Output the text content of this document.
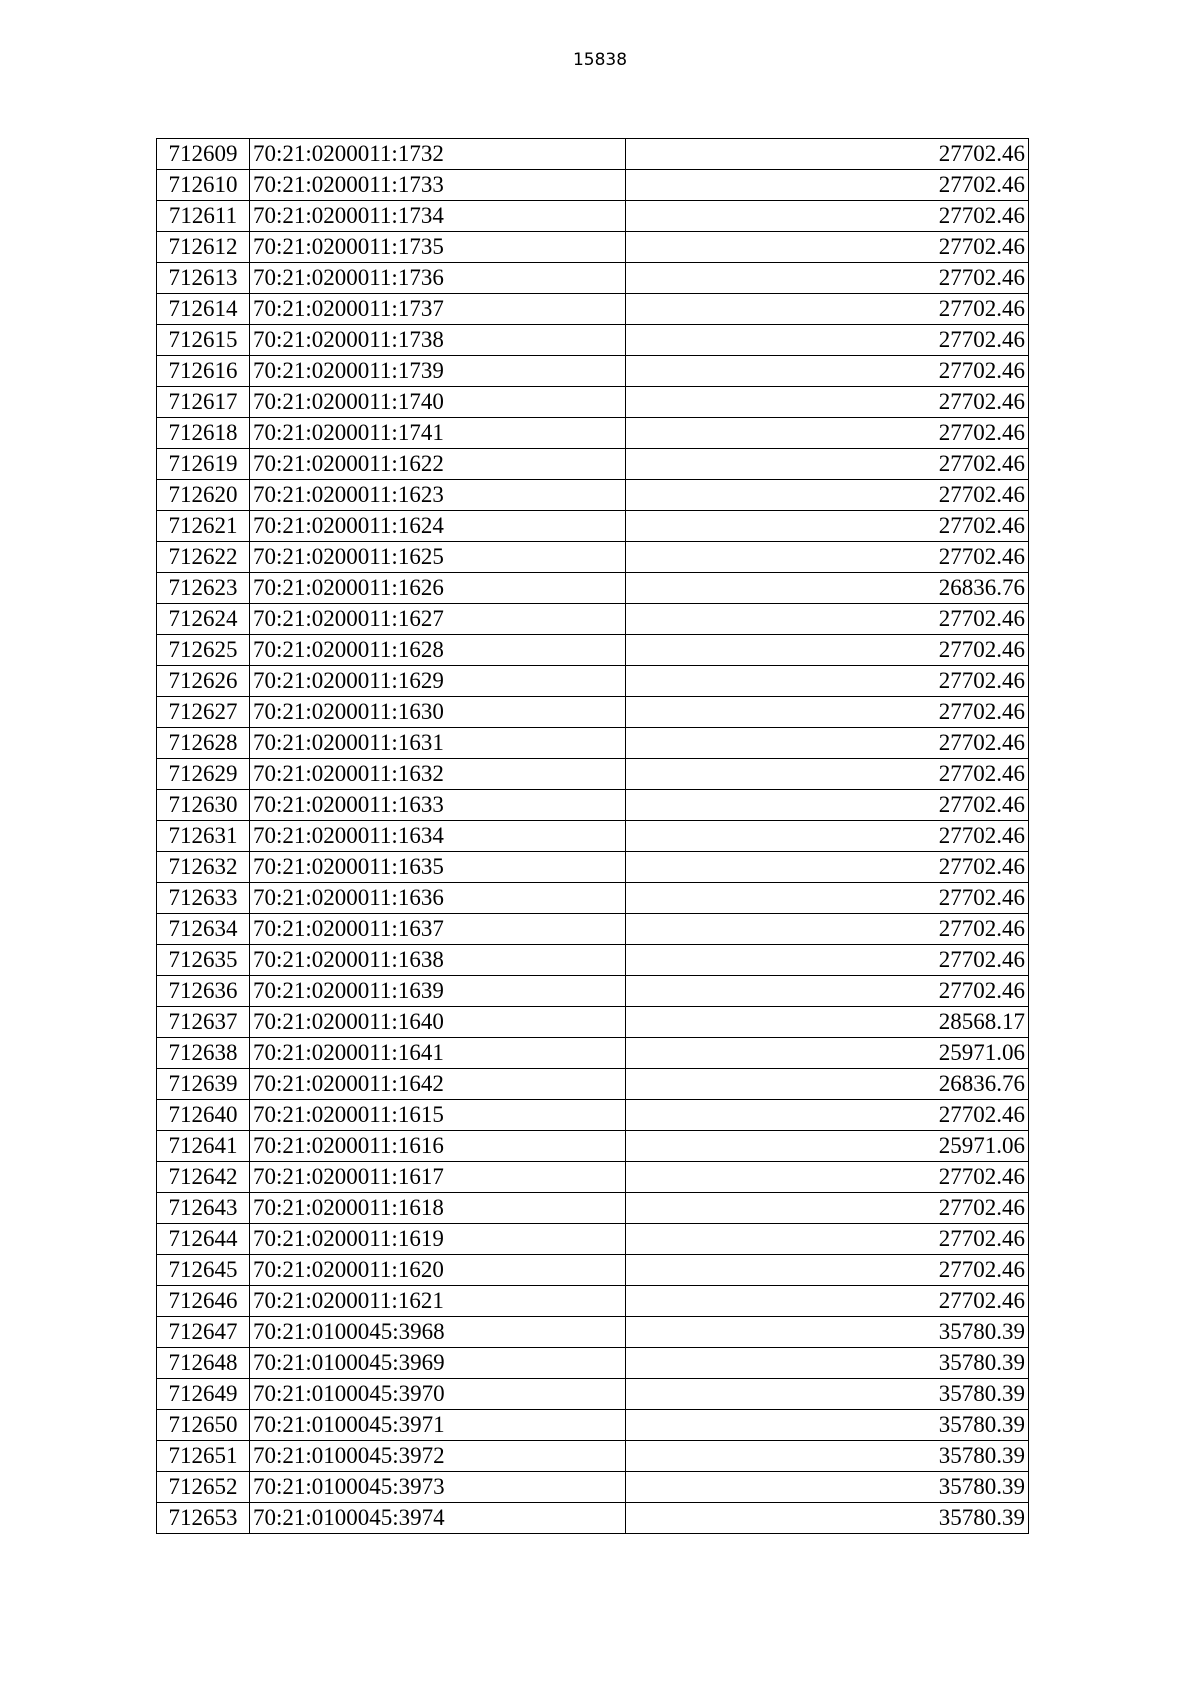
15838
712609	70:21:0200011:1732	27702.46
712610	70:21:0200011:1733	27702.46
712611	70:21:0200011:1734	27702.46
712612	70:21:0200011:1735	27702.46
712613	70:21:0200011:1736	27702.46
712614	70:21:0200011:1737	27702.46
712615	70:21:0200011:1738	27702.46
712616	70:21:0200011:1739	27702.46
712617	70:21:0200011:1740	27702.46
712618	70:21:0200011:1741	27702.46
712619	70:21:0200011:1622	27702.46
712620	70:21:0200011:1623	27702.46
712621	70:21:0200011:1624	27702.46
712622	70:21:0200011:1625	27702.46
712623	70:21:0200011:1626	26836.76
712624	70:21:0200011:1627	27702.46
712625	70:21:0200011:1628	27702.46
712626	70:21:0200011:1629	27702.46
712627	70:21:0200011:1630	27702.46
712628	70:21:0200011:1631	27702.46
712629	70:21:0200011:1632	27702.46
712630	70:21:0200011:1633	27702.46
712631	70:21:0200011:1634	27702.46
712632	70:21:0200011:1635	27702.46
712633	70:21:0200011:1636	27702.46
712634	70:21:0200011:1637	27702.46
712635	70:21:0200011:1638	27702.46
712636	70:21:0200011:1639	27702.46
712637	70:21:0200011:1640	28568.17
712638	70:21:0200011:1641	25971.06
712639	70:21:0200011:1642	26836.76
712640	70:21:0200011:1615	27702.46
712641	70:21:0200011:1616	25971.06
712642	70:21:0200011:1617	27702.46
712643	70:21:0200011:1618	27702.46
712644	70:21:0200011:1619	27702.46
712645	70:21:0200011:1620	27702.46
712646	70:21:0200011:1621	27702.46
712647	70:21:0100045:3968	35780.39
712648	70:21:0100045:3969	35780.39
712649	70:21:0100045:3970	35780.39
712650	70:21:0100045:3971	35780.39
712651	70:21:0100045:3972	35780.39
712652	70:21:0100045:3973	35780.39
712653	70:21:0100045:3974	35780.39
